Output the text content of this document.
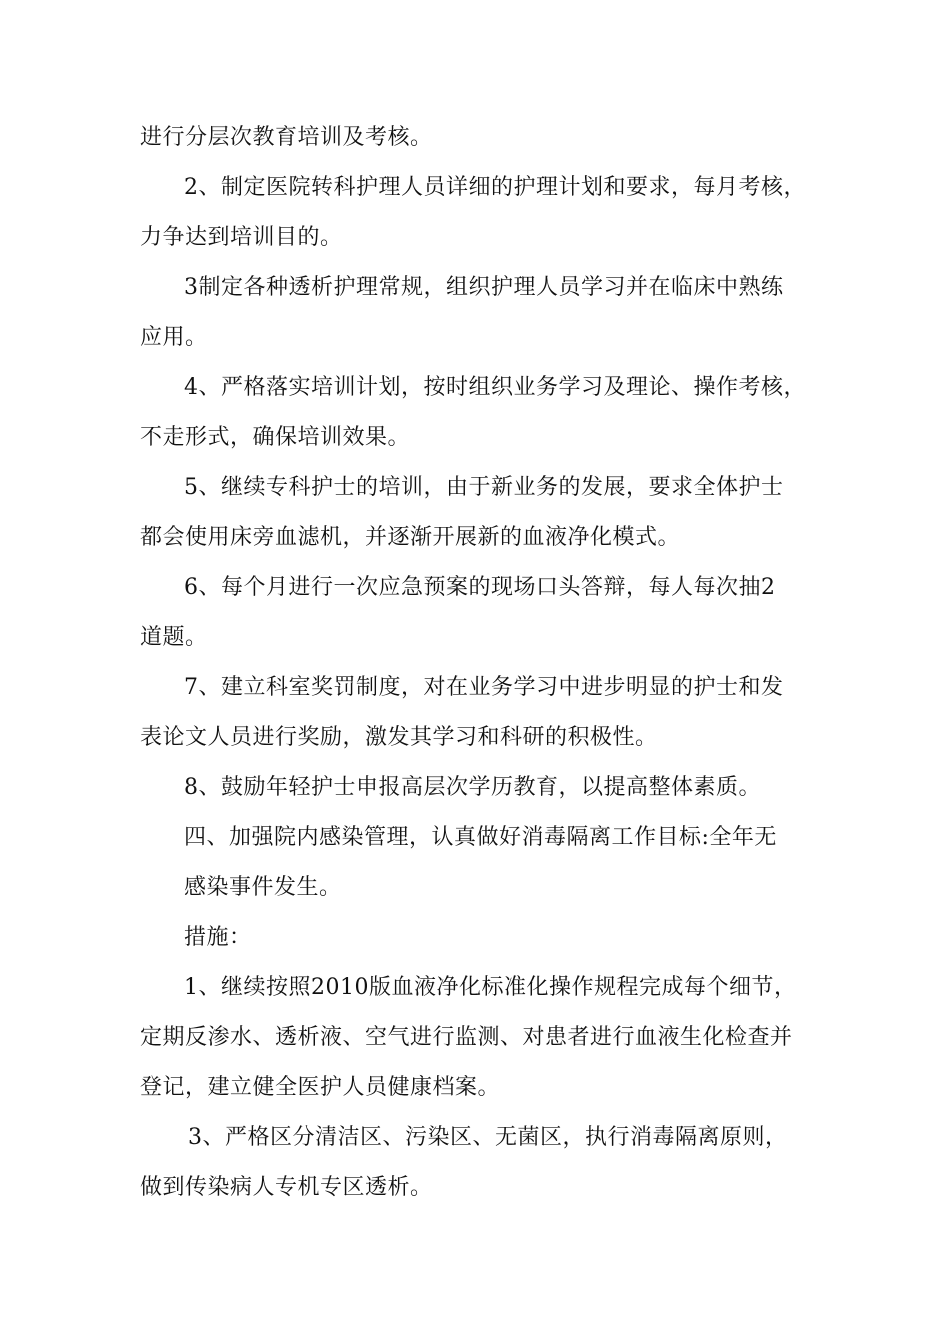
进行分层次教育培训及考核。
2、制定医院转科护理人员详细的护理计划和要求，每月考核，
力争达到培训目的。
3制定各种透析护理常规，组织护理人员学习并在临床中熟练
应用。
4、严格落实培训计划，按时组织业务学习及理论、操作考核，
不走形式，确保培训效果。
5、继续专科护士的培训，由于新业务的发展，要求全体护士
都会使用床旁血滤机，并逐渐开展新的血液净化模式。
6、每个月进行一次应急预案的现场口头答辩，每人每次抽2
道题。
7、建立科室奖罚制度，对在业务学习中进步明显的护士和发
表论文人员进行奖励，激发其学习和科研的积极性。
8、鼓励年轻护士申报高层次学历教育，以提高整体素质。
四、加强院内感染管理，认真做好消毒隔离工作目标:全年无
感染事件发生。
措施：
1、继续按照2010版血液净化标准化操作规程完成每个细节，
定期反渗水、透析液、空气进行监测、对患者进行血液生化检查并
登记，建立健全医护人员健康档案。
3、严格区分清洁区、污染区、无菌区，执行消毒隔离原则，
做到传染病人专机专区透析。
